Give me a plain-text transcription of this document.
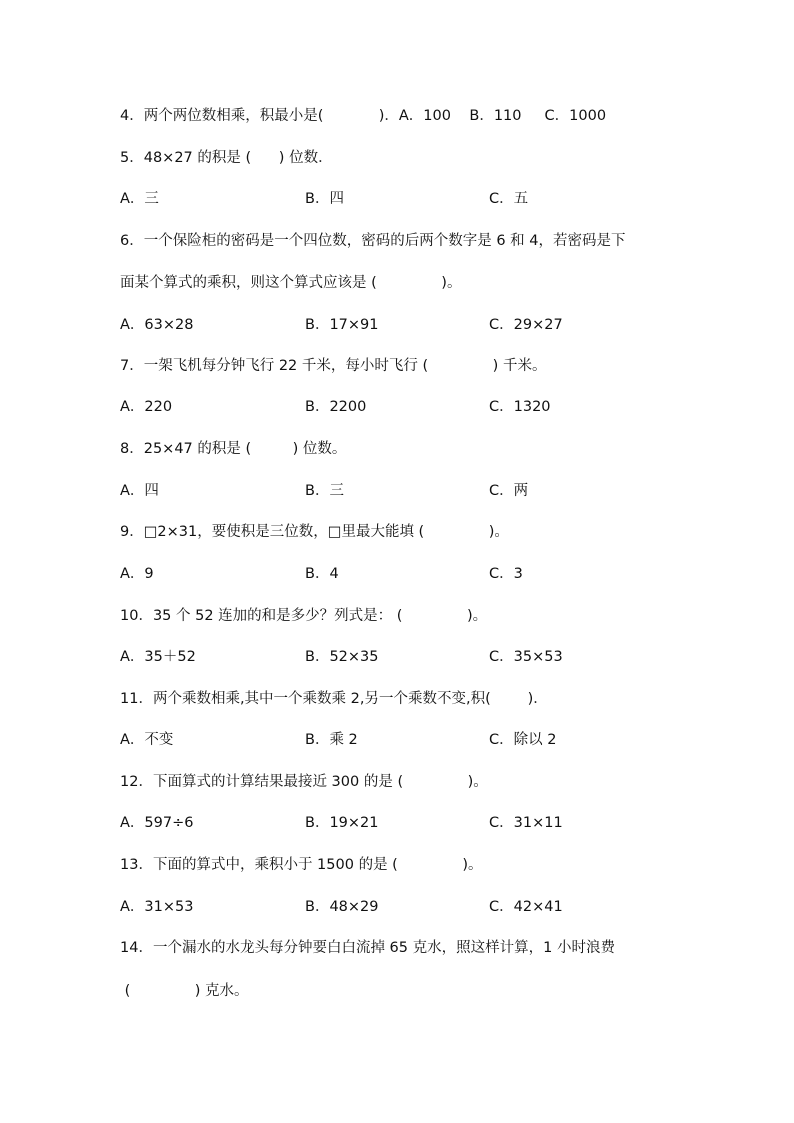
4．两个两位数相乘，积最小是(            )．A．100    B．110     C．1000
5．48×27 的积是 (      ) 位数．
A．三	B．四	C．五
6．一个保险柜的密码是一个四位数，密码的后两个数字是 6 和 4，若密码是下
面某个算式的乘积，则这个算式应该是 (              )。
A．63×28	B．17×91	C．29×27
7．一架飞机每分钟飞行 22 千米，每小时飞行 (              ) 千米。
A．220	B．2200	C．1320
8．25×47 的积是 (         ) 位数。
A．四	B．三	C．两
9．□2×31，要使积是三位数，□里最大能填 (              )。
A．9	B．4	C．3
10．35 个 52 连加的和是多少？列式是： (              )。
A．35＋52	B．52×35	C．35×53
11．两个乘数相乘,其中一个乘数乘 2,另一个乘数不变,积(        )．
A．不变	B．乘 2	C．除以 2
12．下面算式的计算结果最接近 300 的是 (              )。
A．597÷6	B．19×21	C．31×11
13．下面的算式中，乘积小于 1500 的是 (              )。
A．31×53	B．48×29	C．42×41
14．一个漏水的水龙头每分钟要白白流掉 65 克水，照这样计算，1 小时浪费
(              ) 克水。
